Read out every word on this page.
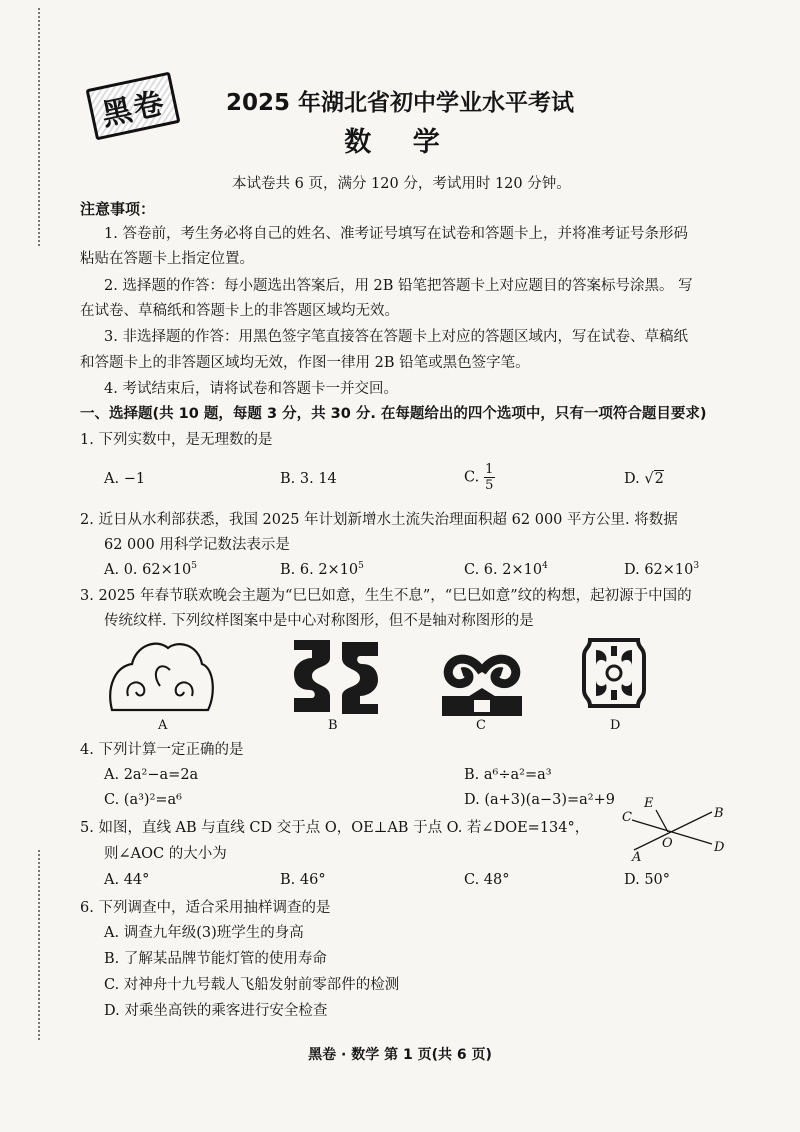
黑卷	2025 年湖北省初中学业水平考试
数 学
本试卷共 6 页，满分 120 分，考试用时 120 分钟。
注意事项：
1. 答卷前，考生务必将自己的姓名、准考证号填写在试卷和答题卡上，并将准考证号条形码
粘贴在答题卡上指定位置。
2. 选择题的作答：每小题选出答案后，用 2B 铅笔把答题卡上对应题目的答案标号涂黑。 写
在试卷、草稿纸和答题卡上的非答题区域均无效。
3. 非选择题的作答：用黑色签字笔直接答在答题卡上对应的答题区域内，写在试卷、草稿纸
和答题卡上的非答题区域均无效，作图一律用 2B 铅笔或黑色签字笔。
4. 考试结束后，请将试卷和答题卡一并交回。
一、选择题(共 10 题，每题 3 分，共 30 分. 在每题给出的四个选项中，只有一项符合题目要求)
1. 下列实数中，是无理数的是
A. −1	B. 3. 14	C. $\frac{1}{5}$	D. √2
2. 近日从水利部获悉，我国 2025 年计划新增水土流失治理面积超 62 000 平方公里. 将数据
62 000 用科学记数法表示是
A. 0. $62\times 10^5$	B. 6. $2\times 10^5$	C. 6. $2\times 10^4$	D. $62\times 10^3$
3. 2025 年春节联欢晚会主题为“巳巳如意，生生不息”，“巳巳如意”纹的构想，起初源于中国的
传统纹样. 下列纹样图案中是中心对称图形，但不是轴对称图形的是
A	B	C	D
4. 下列计算一定正确的是
A. 2a²−a=2a	B. a⁶÷a²=a³
C. (a³)²=a⁶	D. (a+3)(a−3)=a²+9
5. 如图，直线 AB 与直线 CD 交于点 O，OE⊥AB 于点 O. 若∠DOE=134°，
则∠AOC 的大小为
A. 44°	B. 46°	C. 48°	D. 50°
E
C	B
O	D
A
6. 下列调查中，适合采用抽样调查的是
A. 调查九年级(3)班学生的身高
B. 了解某品牌节能灯管的使用寿命
C. 对神舟十九号载人飞船发射前零部件的检测
D. 对乘坐高铁的乘客进行安全检查
黑卷 · 数学 第 1 页(共 6 页)
